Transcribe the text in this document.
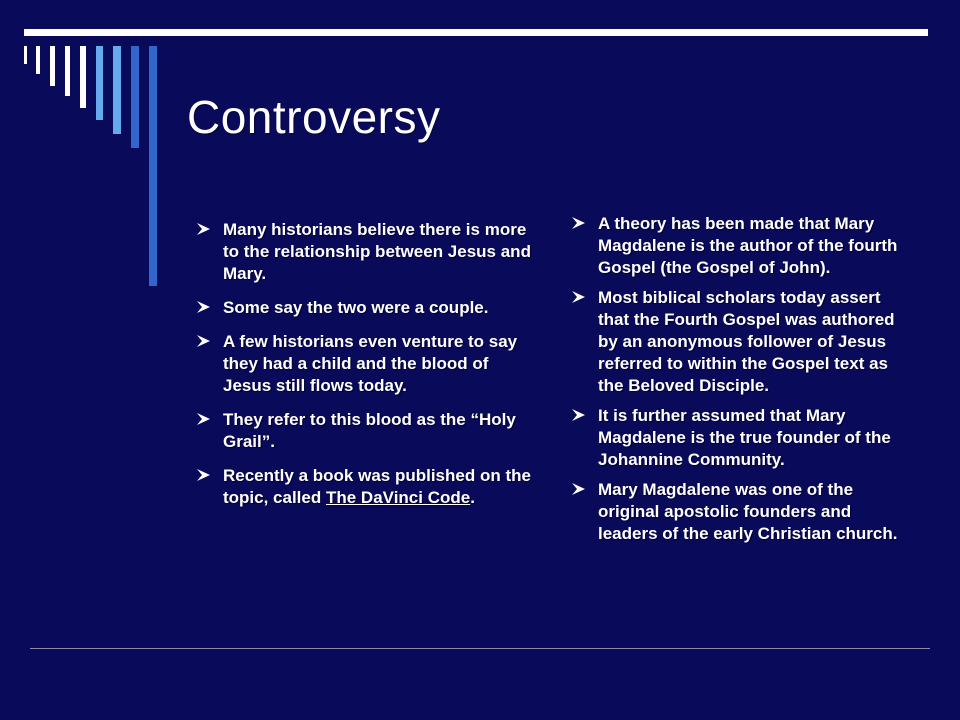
Controversy
Many historians believe there is more to the relationship between Jesus and Mary.
Some say the two were a couple.
A few historians even venture to say they had a child and the blood of Jesus still flows today.
They refer to this blood as the “Holy Grail”.
Recently a book was published on the topic, called The DaVinci Code.
A theory has been made that Mary Magdalene is the author of the fourth Gospel (the Gospel of John).
Most biblical scholars today assert that the Fourth Gospel was authored by an anonymous follower of Jesus referred to within the Gospel text as the Beloved Disciple.
It is further assumed that Mary Magdalene is the true founder of the Johannine Community.
Mary Magdalene was one of the original apostolic founders and leaders of the early Christian church.
